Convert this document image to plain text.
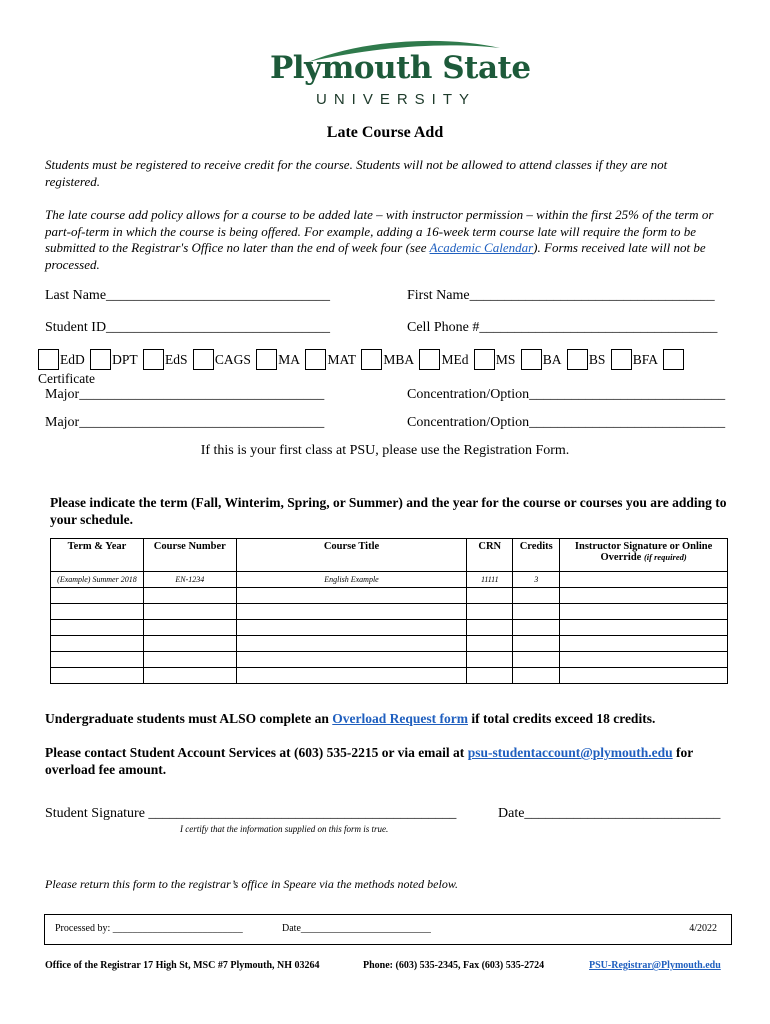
Plymouth State
UNIVERSITY
Late Course Add
Students must be registered to receive credit for the course. Students will not be allowed to attend classes if they are not registered.
The late course add policy allows for a course to be added late – with instructor permission – within the first 25% of the term or part-of-term in which the course is being offered. For example, adding a 16-week term course late will require the form to be submitted to the Registrar's Office no later than the end of week four (see Academic Calendar). Forms received late will not be processed.
Last Name________________________________	First Name___________________________________
Student ID________________________________	Cell Phone #__________________________________
EdD DPT EdS CAGS MA MAT MBA MEd MS BA BS BFA Certificate
Major___________________________________	Concentration/Option____________________________
Major___________________________________	Concentration/Option____________________________
If this is your first class at PSU, please use the Registration Form.
Please indicate the term (Fall, Winterim, Spring, or Summer) and the year for the course or courses you are adding to your schedule.
Term & Year	Course Number	Course Title	CRN	Credits	Instructor Signature or Online Override (if required)
(Example) Summer 2018	EN-1234	English Example	11111	3	

Undergraduate students must ALSO complete an Overload Request form if total credits exceed 18 credits.
Please contact Student Account Services at (603) 535-2215 or via email at psu-studentaccount@plymouth.edu for overload fee amount.
Student Signature ____________________________________________	Date____________________________
I certify that the information supplied on this form is true.
Please return this form to the registrar’s office in Speare via the methods noted below.
Processed by: __________________________	Date__________________________	4/2022
Office of the Registrar 17 High St, MSC #7 Plymouth, NH 03264	Phone: (603) 535-2345, Fax (603) 535-2724	PSU-Registrar@Plymouth.edu
